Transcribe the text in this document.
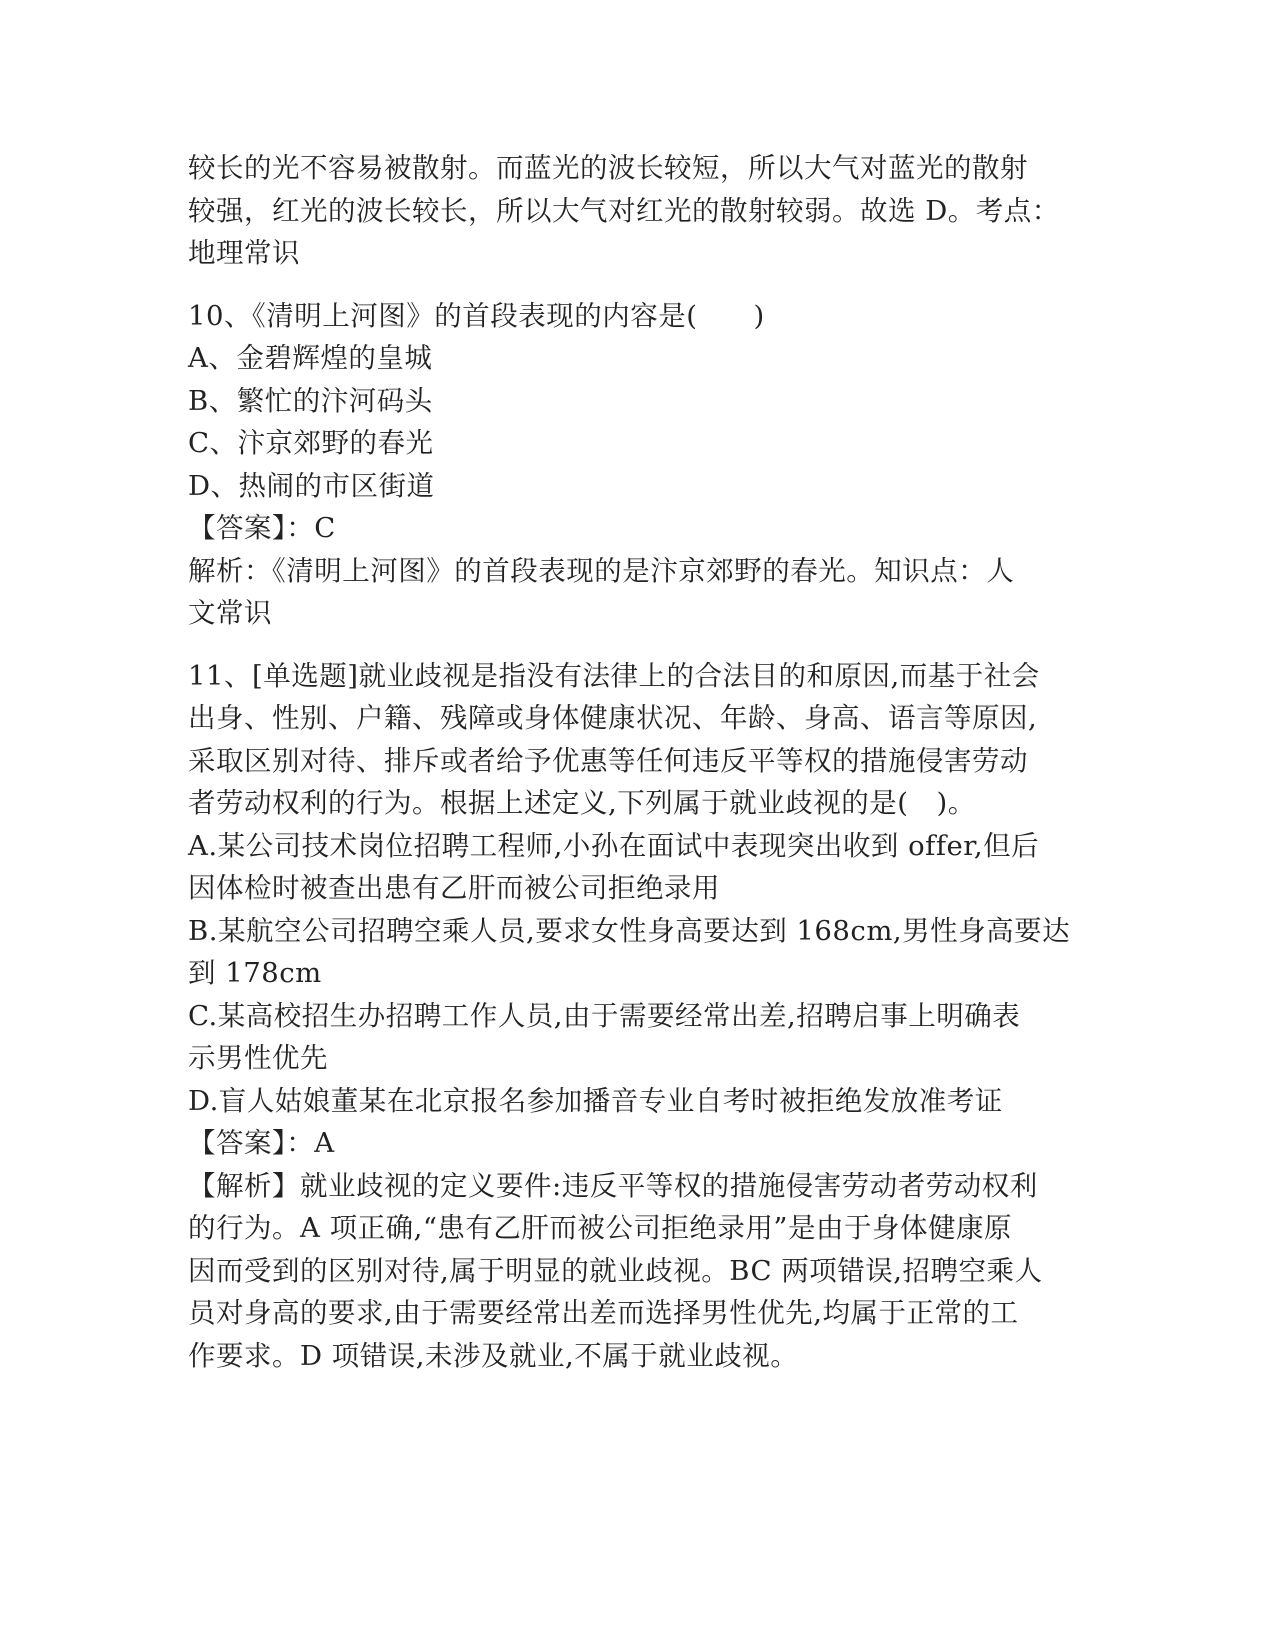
较长的光不容易被散射。而蓝光的波长较短，所以大气对蓝光的散射
较强，红光的波长较长，所以大气对红光的散射较弱。故选 D。考点：
地理常识
10、《清明上河图》的首段表现的内容是(　　)
A、金碧辉煌的皇城
B、繁忙的汴河码头
C、汴京郊野的春光
D、热闹的市区街道
【答案】：C
解析：《清明上河图》的首段表现的是汴京郊野的春光。知识点：人
文常识
11、[单选题]就业歧视是指没有法律上的合法目的和原因,而基于社会
出身、性别、户籍、残障或身体健康状况、年龄、身高、语言等原因,
采取区别对待、排斥或者给予优惠等任何违反平等权的措施侵害劳动
者劳动权利的行为。根据上述定义,下列属于就业歧视的是(　)。
A.某公司技术岗位招聘工程师,小孙在面试中表现突出收到 offer,但后
因体检时被查出患有乙肝而被公司拒绝录用
B.某航空公司招聘空乘人员,要求女性身高要达到 168cm,男性身高要达
到 178cm
C.某高校招生办招聘工作人员,由于需要经常出差,招聘启事上明确表
示男性优先
D.盲人姑娘董某在北京报名参加播音专业自考时被拒绝发放准考证
【答案】：A
【解析】就业歧视的定义要件:违反平等权的措施侵害劳动者劳动权利
的行为。A 项正确,“患有乙肝而被公司拒绝录用”是由于身体健康原
因而受到的区别对待,属于明显的就业歧视。BC 两项错误,招聘空乘人
员对身高的要求,由于需要经常出差而选择男性优先,均属于正常的工
作要求。D 项错误,未涉及就业,不属于就业歧视。
